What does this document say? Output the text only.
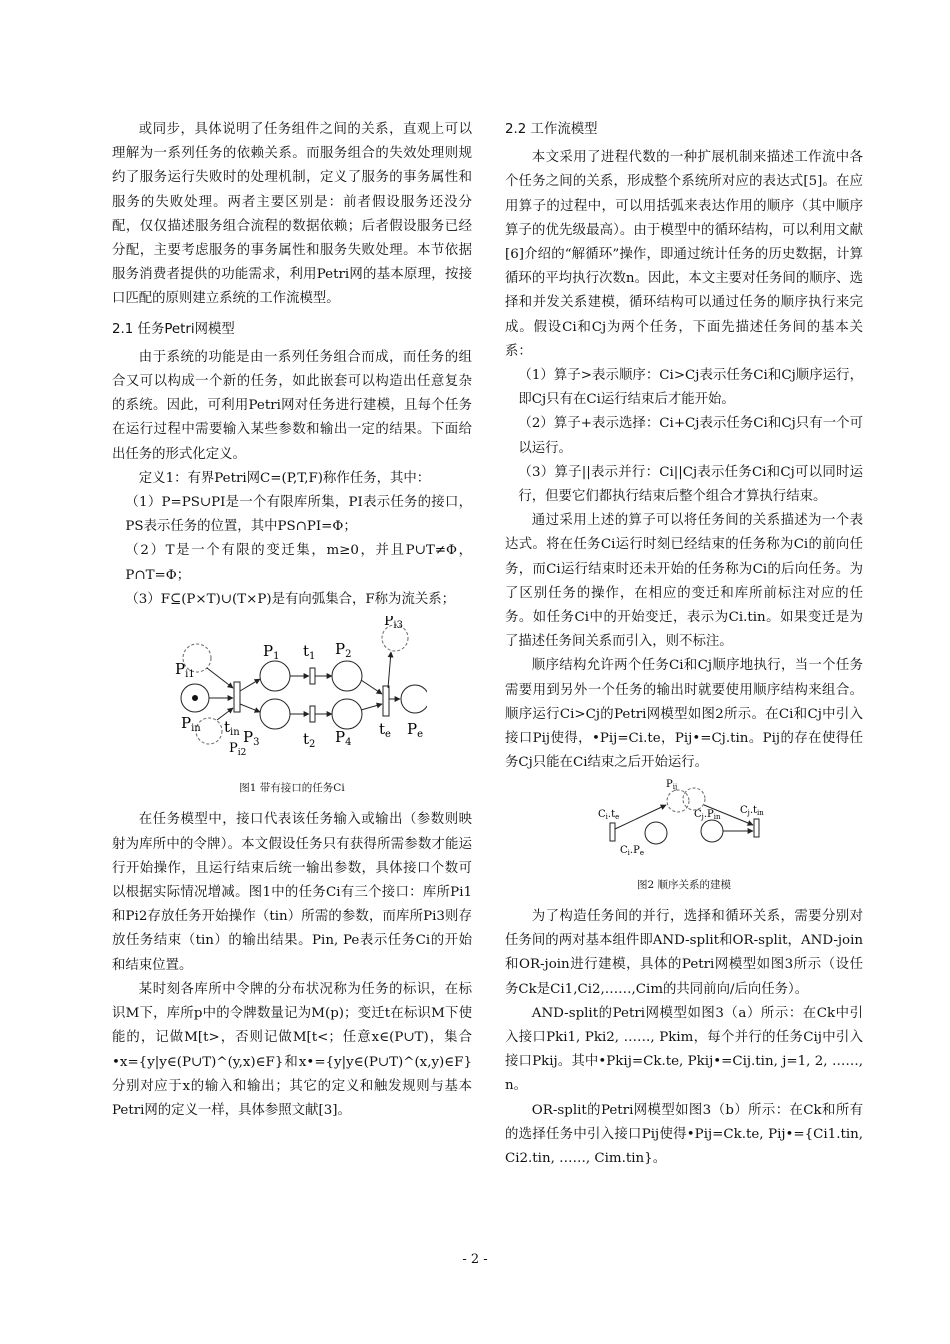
或同步，具体说明了任务组件之间的关系，直观上可以理解为一系列任务的依赖关系。而服务组合的失效处理则规约了服务运行失败时的处理机制，定义了服务的事务属性和服务的失败处理。两者主要区别是：前者假设服务还没分配，仅仅描述服务组合流程的数据依赖；后者假设服务已经分配，主要考虑服务的事务属性和服务失败处理。本节依据服务消费者提供的功能需求，利用Petri网的基本原理，按接口匹配的原则建立系统的工作流模型。

2.1 任务Petri网模型

由于系统的功能是由一系列任务组合而成，而任务的组合又可以构成一个新的任务，如此嵌套可以构造出任意复杂的系统。因此，可利用Petri网对任务进行建模，且每个任务在运行过程中需要输入某些参数和输出一定的结果。下面给出任务的形式化定义。

定义1：有界Petri网C=(P,T,F)称作任务，其中：

（1）P=PS∪PI是一个有限库所集，PI表示任务的接口，PS表示任务的位置，其中PS∩PI=Φ；

（2）T是一个有限的变迁集，m≥0，并且P∪T≠Φ，P∩T=Φ；

（3）F⊆(P×T)∪(T×P)是有向弧集合，F称为流关系；

$P_{i3}$
$P_1$ $t_1$ $P_2$
$P_{i1}$
$P_{in}$ $t_{in}$ $P_3$
$P_{i2}$
$t_2$ $P_4$
$t_e$ $P_e$

图1 带有接口的任务Ci

在任务模型中，接口代表该任务输入或输出（参数则映射为库所中的令牌）。本文假设任务只有获得所需参数才能运行开始操作，且运行结束后统一输出参数，具体接口个数可以根据实际情况增减。图1中的任务Ci有三个接口：库所Pi1和Pi2存放任务开始操作（tin）所需的参数，而库所Pi3则存放任务结束（tin）的输出结果。Pin, Pe表示任务Ci的开始和结束位置。

某时刻各库所中令牌的分布状况称为任务的标识，在标识M下，库所p中的令牌数量记为M(p)；变迁t在标识M下使能的，记做M[t>，否则记做M[t<；任意x∈(P∪T)，集合•x={y|y∈(P∪T)^(y,x)∈F}和x•={y|y∈(P∪T)^(x,y)∈F}分别对应于x的输入和输出；其它的定义和触发规则与基本Petri网的定义一样，具体参照文献[3]。

2.2 工作流模型

本文采用了进程代数的一种扩展机制来描述工作流中各个任务之间的关系，形成整个系统所对应的表达式[5]。在应用算子的过程中，可以用括弧来表达作用的顺序（其中顺序算子的优先级最高）。由于模型中的循环结构，可以利用文献[6]介绍的“解循环”操作，即通过统计任务的历史数据，计算循环的平均执行次数n。因此，本文主要对任务间的顺序、选择和并发关系建模，循环结构可以通过任务的顺序执行来完成。假设Ci和Cj为两个任务，下面先描述任务间的基本关系：

（1）算子>表示顺序：Ci>Cj表示任务Ci和Cj顺序运行，即Cj只有在Ci运行结束后才能开始。

（2）算子+表示选择：Ci+Cj表示任务Ci和Cj只有一个可以运行。

（3）算子||表示并行：Ci||Cj表示任务Ci和Cj可以同时运行，但要它们都执行结束后整个组合才算执行结束。

通过采用上述的算子可以将任务间的关系描述为一个表达式。将在任务Ci运行时刻已经结束的任务称为Ci的前向任务，而Ci运行结束时还未开始的任务称为Ci的后向任务。为了区别任务的操作，在相应的变迁和库所前标注对应的任务。如任务Ci中的开始变迁，表示为Ci.tin。如果变迁是为了描述任务间关系而引入，则不标注。

顺序结构允许两个任务Ci和Cj顺序地执行，当一个任务需要用到另外一个任务的输出时就要使用顺序结构来组合。顺序运行Ci>Cj的Petri网模型如图2所示。在Ci和Cj中引入接口Pij使得，•Pij=Ci.te，Pij•=Cj.tin。Pij的存在使得任务Cj只能在Ci结束之后开始运行。

$P_{ij}$
$C_i.t_e$
$C_j.t_{in}$
$C_j.P_{in}$
$C_i.P_e$

图2 顺序关系的建模

为了构造任务间的并行，选择和循环关系，需要分别对任务间的两对基本组件即AND-split和OR-split，AND-join和OR-join进行建模，具体的Petri网模型如图3所示（设任务Ck是Ci1,Ci2,……,Cim的共同前向/后向任务）。

AND-split的Petri网模型如图3（a）所示：在Ck中引入接口Pki1, Pki2, ……, Pkim，每个并行的任务Cij中引入接口Pkij。其中•Pkij=Ck.te, Pkij•=Cij.tin, j=1, 2, ……, n。

OR-split的Petri网模型如图3（b）所示：在Ck和所有的选择任务中引入接口Pij使得•Pij=Ck.te, Pij•={Ci1.tin, Ci2.tin, ……, Cim.tin}。

- 2 -
